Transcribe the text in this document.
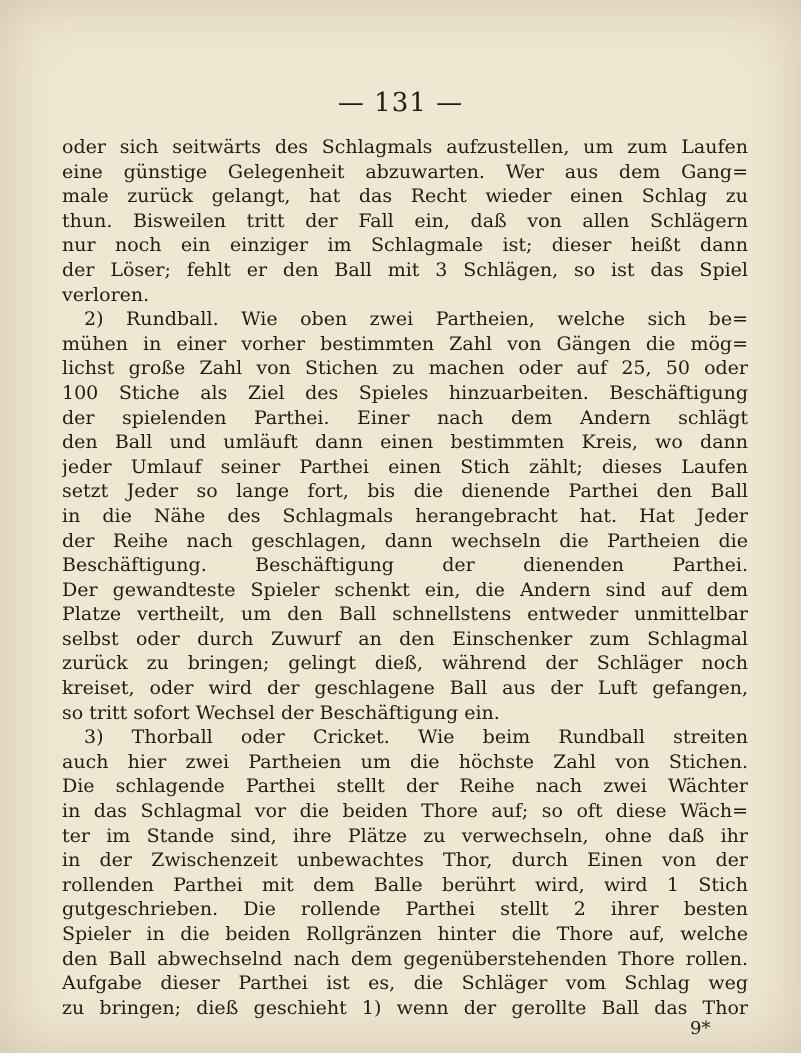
— 131 —
oder sich seitwärts des Schlagmals aufzustellen, um zum Laufen
eine günstige Gelegenheit abzuwarten. Wer aus dem Gang=
male zurück gelangt, hat das Recht wieder einen Schlag zu
thun. Bisweilen tritt der Fall ein, daß von allen Schlägern
nur noch ein einziger im Schlagmale ist; dieser heißt dann
der Löser; fehlt er den Ball mit 3 Schlägen, so ist das Spiel
verloren.
2) Rundball. Wie oben zwei Partheien, welche sich be=
mühen in einer vorher bestimmten Zahl von Gängen die mög=
lichst große Zahl von Stichen zu machen oder auf 25, 50 oder
100 Stiche als Ziel des Spieles hinzuarbeiten. Beschäftigung
der spielenden Parthei. Einer nach dem Andern schlägt
den Ball und umläuft dann einen bestimmten Kreis, wo dann
jeder Umlauf seiner Parthei einen Stich zählt; dieses Laufen
setzt Jeder so lange fort, bis die dienende Parthei den Ball
in die Nähe des Schlagmals herangebracht hat. Hat Jeder
der Reihe nach geschlagen, dann wechseln die Partheien die
Beschäftigung. Beschäftigung der dienenden Parthei.
Der gewandteste Spieler schenkt ein, die Andern sind auf dem
Platze vertheilt, um den Ball schnellstens entweder unmittelbar
selbst oder durch Zuwurf an den Einschenker zum Schlagmal
zurück zu bringen; gelingt dieß, während der Schläger noch
kreiset, oder wird der geschlagene Ball aus der Luft gefangen,
so tritt sofort Wechsel der Beschäftigung ein.
3) Thorball oder Cricket. Wie beim Rundball streiten
auch hier zwei Partheien um die höchste Zahl von Stichen.
Die schlagende Parthei stellt der Reihe nach zwei Wächter
in das Schlagmal vor die beiden Thore auf; so oft diese Wäch=
ter im Stande sind, ihre Plätze zu verwechseln, ohne daß ihr
in der Zwischenzeit unbewachtes Thor, durch Einen von der
rollenden Parthei mit dem Balle berührt wird, wird 1 Stich
gutgeschrieben. Die rollende Parthei stellt 2 ihrer besten
Spieler in die beiden Rollgränzen hinter die Thore auf, welche
den Ball abwechselnd nach dem gegenüberstehenden Thore rollen.
Aufgabe dieser Parthei ist es, die Schläger vom Schlag weg
zu bringen; dieß geschieht 1) wenn der gerollte Ball das Thor
9*
